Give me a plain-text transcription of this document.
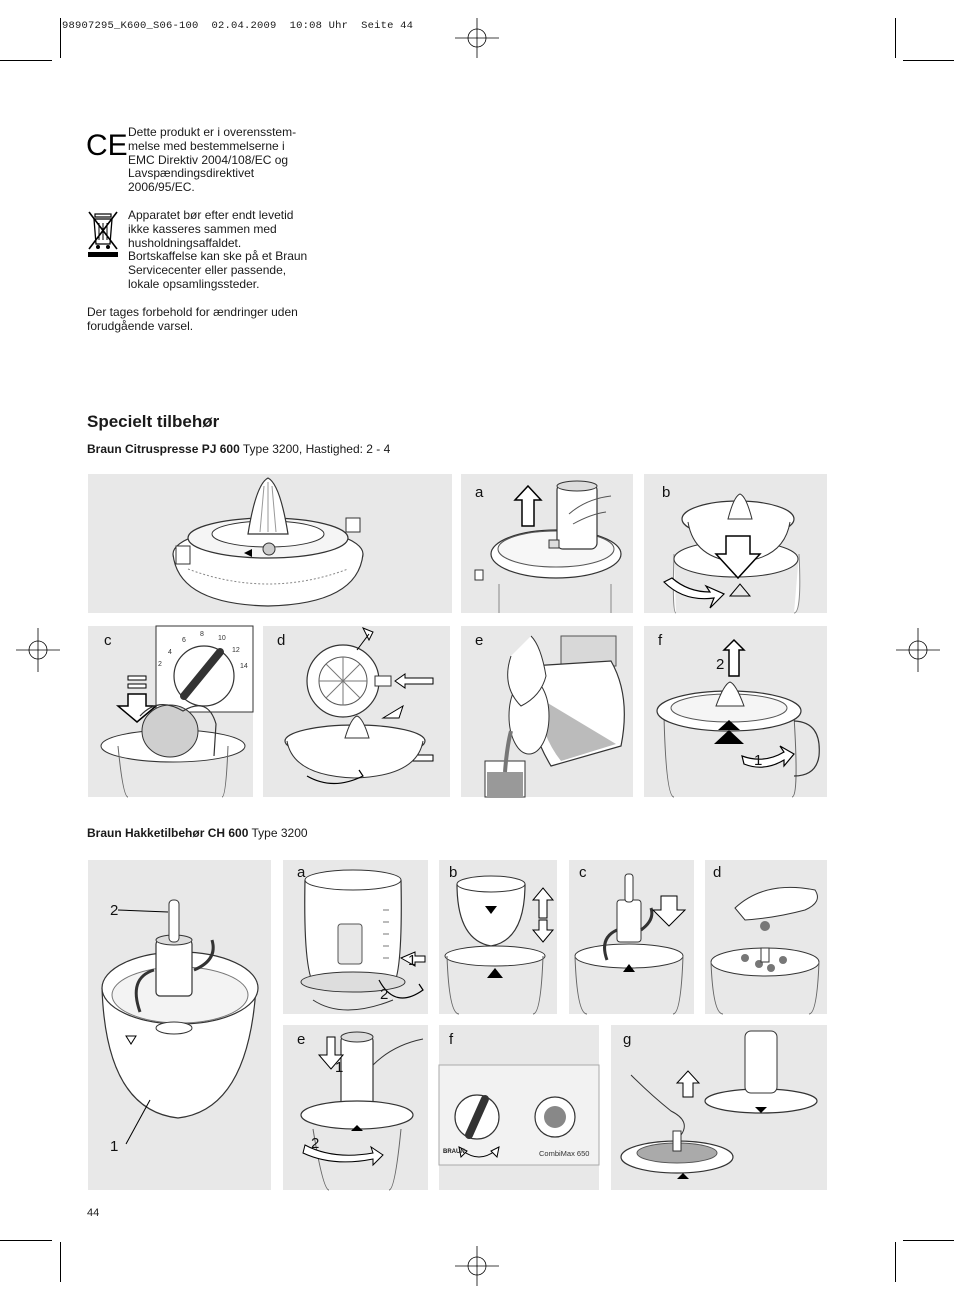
98907295_K600_S06-100 02.04.2009 10:08 Uhr Seite 44
CE Dette produkt er i overensstem-
melse med bestemmelserne i
EMC Direktiv 2004/108/EC og
Lavspændingsdirektivet
2006/95/EC.
Apparatet bør efter endt levetid
ikke kasseres sammen med
husholdningsaffaldet.
Bortskaffelse kan ske på et Braun
Servicecenter eller passende,
lokale opsamlingssteder.
Der tages forbehold for ændringer uden
forudgående varsel.
Specielt tilbehør
Braun Citruspresse PJ 600 Type 3200, Hastighed: 2 - 4
a	b
2
4
6
8
10
12
14
c	d	e	f
2
1
Braun Hakketilbehør CH 600 Type 3200
2
1
a
1
2
b	c	d
e
1
2
f
BRAUN	CombiMax 650
g
44
